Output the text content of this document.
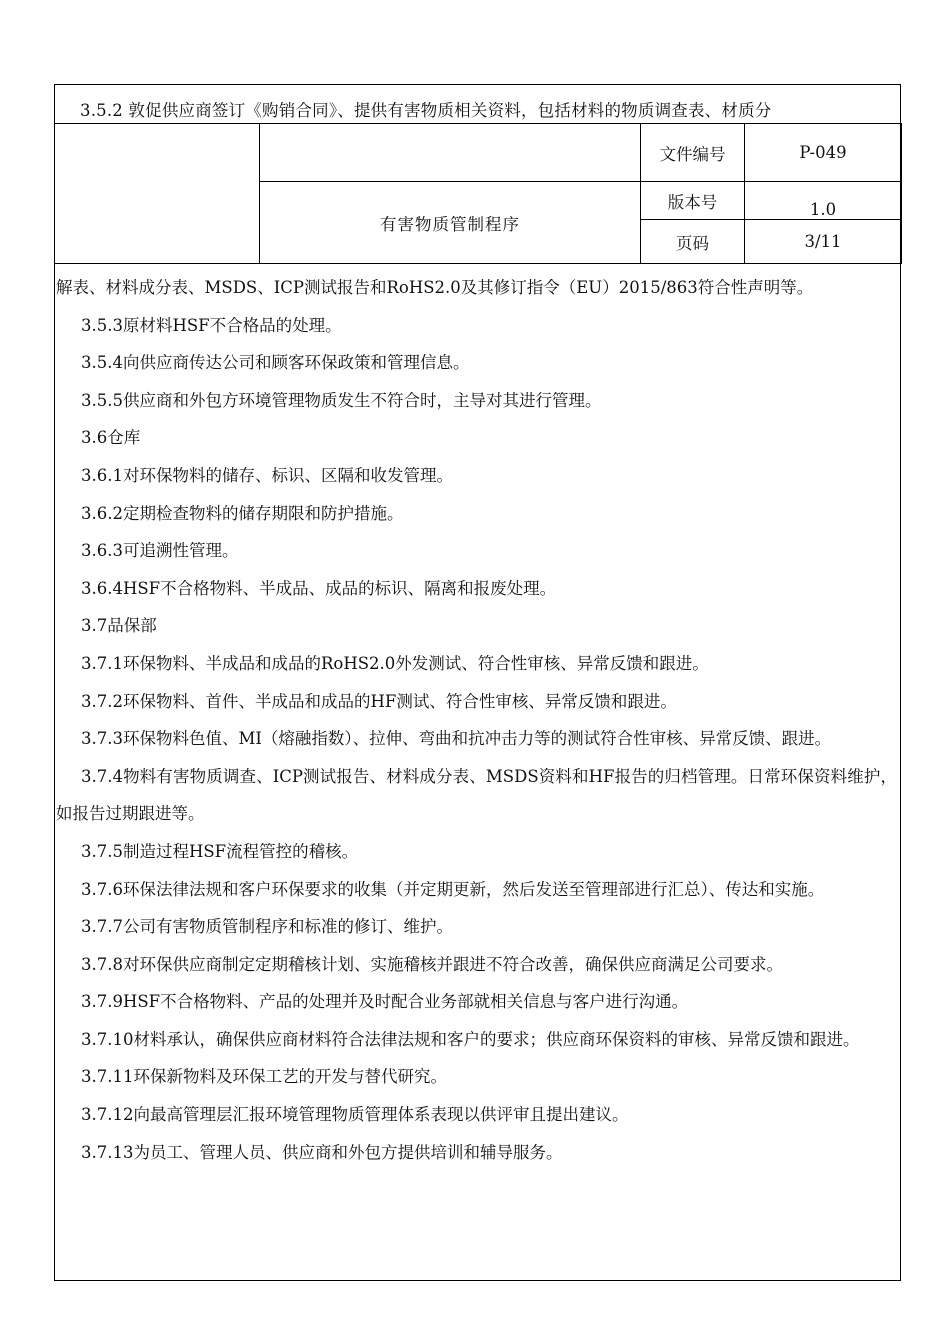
3.5.2 敦促供应商签订《购销合同》、提供有害物质相关资料，包括材料的物质调查表、材质分
		文件编号	P-049
	有害物质管制程序	版本号	1.0
		页码	3/11

解表、材料成分表、MSDS、ICP测试报告和RoHS2.0及其修订指令（EU）2015/863符合性声明等。

3.5.3原材料HSF不合格品的处理。

3.5.4向供应商传达公司和顾客环保政策和管理信息。

3.5.5供应商和外包方环境管理物质发生不符合时，主导对其进行管理。

3.6仓库

3.6.1对环保物料的储存、标识、区隔和收发管理。

3.6.2定期检查物料的储存期限和防护措施。

3.6.3可追溯性管理。

3.6.4HSF不合格物料、半成品、成品的标识、隔离和报废处理。

3.7品保部

3.7.1环保物料、半成品和成品的RoHS2.0外发测试、符合性审核、异常反馈和跟进。

3.7.2环保物料、首件、半成品和成品的HF测试、符合性审核、异常反馈和跟进。

3.7.3环保物料色值、MI（熔融指数）、拉伸、弯曲和抗冲击力等的测试符合性审核、异常反馈、跟进。

3.7.4物料有害物质调查、ICP测试报告、材料成分表、MSDS资料和HF报告的归档管理。日常环保资料维护，如报告过期跟进等。

3.7.5制造过程HSF流程管控的稽核。

3.7.6环保法律法规和客户环保要求的收集（并定期更新，然后发送至管理部进行汇总）、传达和实施。

3.7.7公司有害物质管制程序和标准的修订、维护。

3.7.8对环保供应商制定定期稽核计划、实施稽核并跟进不符合改善，确保供应商满足公司要求。

3.7.9HSF不合格物料、产品的处理并及时配合业务部就相关信息与客户进行沟通。

3.7.10材料承认，确保供应商材料符合法律法规和客户的要求；供应商环保资料的审核、异常反馈和跟进。

3.7.11环保新物料及环保工艺的开发与替代研究。

3.7.12向最高管理层汇报环境管理物质管理体系表现以供评审且提出建议。

3.7.13为员工、管理人员、供应商和外包方提供培训和辅导服务。
